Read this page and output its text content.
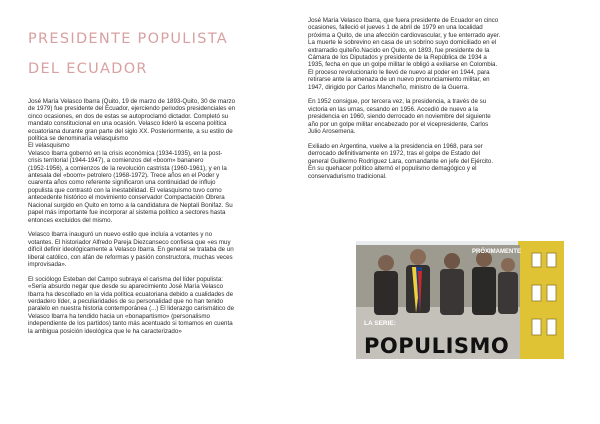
PRESIDENTE POPULISTA
DEL ECUADOR

José María Velasco Ibarra (Quito, 19 de marzo de 1893-Quito, 30 de marzo
de 1979) fue presidente del Ecuador, ejerciendo periodos presidenciales en
cinco ocasiones, en dos de estas se autoproclamó dictador. Completó su
mandato constitucional en una ocasión. Velasco lideró la escena política
ecuatoriana durante gran parte del siglo XX. Posteriormente, a su estilo de
política se denominaría velasquismo
El velasquismo
Velasco Ibarra gobernó en la crisis económica (1934-1935), en la post-
crisis territorial (1944-1947), a comienzos del «boom» bananero
(1952-1956), a comienzos de la revolución castrista (1960-1961), y en la
antesala del «boom» petrolero (1968-1972). Trece años en el Poder y
cuarenta años como referente significaron una continuidad de influjo
populista que contrastó con la inestabilidad. El velasquismo tuvo como
antecedente histórico el movimiento conservador Compactación Obrera
Nacional surgido en Quito en torno a la candidatura de Neptalí Bonifaz. Su
papel más importante fue incorporar al sistema político a sectores hasta
entonces excluidos del mismo.

Velasco Ibarra inauguró un nuevo estilo que incluía a votantes y no
votantes. El historiador Alfredo Pareja Diezcanseco confiesa que «es muy
difícil definir ideológicamente a Velasco Ibarra. En general se trataba de un
liberal católico, con afán de reformas y pasión constructora, muchas veces
improvisada».

El sociólogo Esteban del Campo subraya el carisma del líder populista:
«Sería absurdo negar que desde su aparecimiento José María Velasco
Ibarra ha descollado en la vida política ecuatoriana debido a cualidades de
verdadero líder, a peculiaridades de su personalidad que no han tenido
paralelo en nuestra historia contemporánea (...) El liderazgo carismático de
Velasco Ibarra ha tendido hacia un «bonapartismo» (personalismo
independiente de los partidos) tanto más acentuado si tomamos en cuenta
la ambigua posición ideológica que le ha caracterizado»

José María Velasco Ibarra, que fuera presidente de Ecuador en cinco
ocasiones, falleció el jueves 1 de abril de 1979 en una localidad
próxima a Quito, de una afección cardiovascular, y fue enterrado ayer.
La muerte le sobrevino en casa de un sobrino suyo domiciliado en el
extrarradio quiteño.Nacido en Quito, en 1893, fue presidente de la
Cámara de los Diputados y presidente de la República de 1934 a
1935, fecha en que un golpe militar le obligó a exiliarse en Colombia.
El proceso revolucionario le llevó de nuevo al poder en 1944, para
retirarse ante la amenaza de un nuevo pronunciamiento militar, en
1947, dirigido por Carlos Mancheño, ministro de la Guerra.

En 1952 consigue, por tercera vez, la presidencia, a través de su
victoria en las urnas, cesando en 1956. Accedió de nuevo a la
presidencia en 1960, siendo derrocado en noviembre del siguiente
año por un golpe militar encabezado por el vicepresidente, Carlos
Julio Arosemena.

Exiliado en Argentina, vuelve a la presidencia en 1968, para ser
derrocado definitivamente en 1972, tras el golpe de Estado del
general Guillermo Rodríguez Lara, comandante en jefe del Ejército.
En su quehacer político alternó el populismo demagógico y el
conservadurismo tradicional.

PRÓXIMAMENTE
LA SERIE:
POPULISMO
